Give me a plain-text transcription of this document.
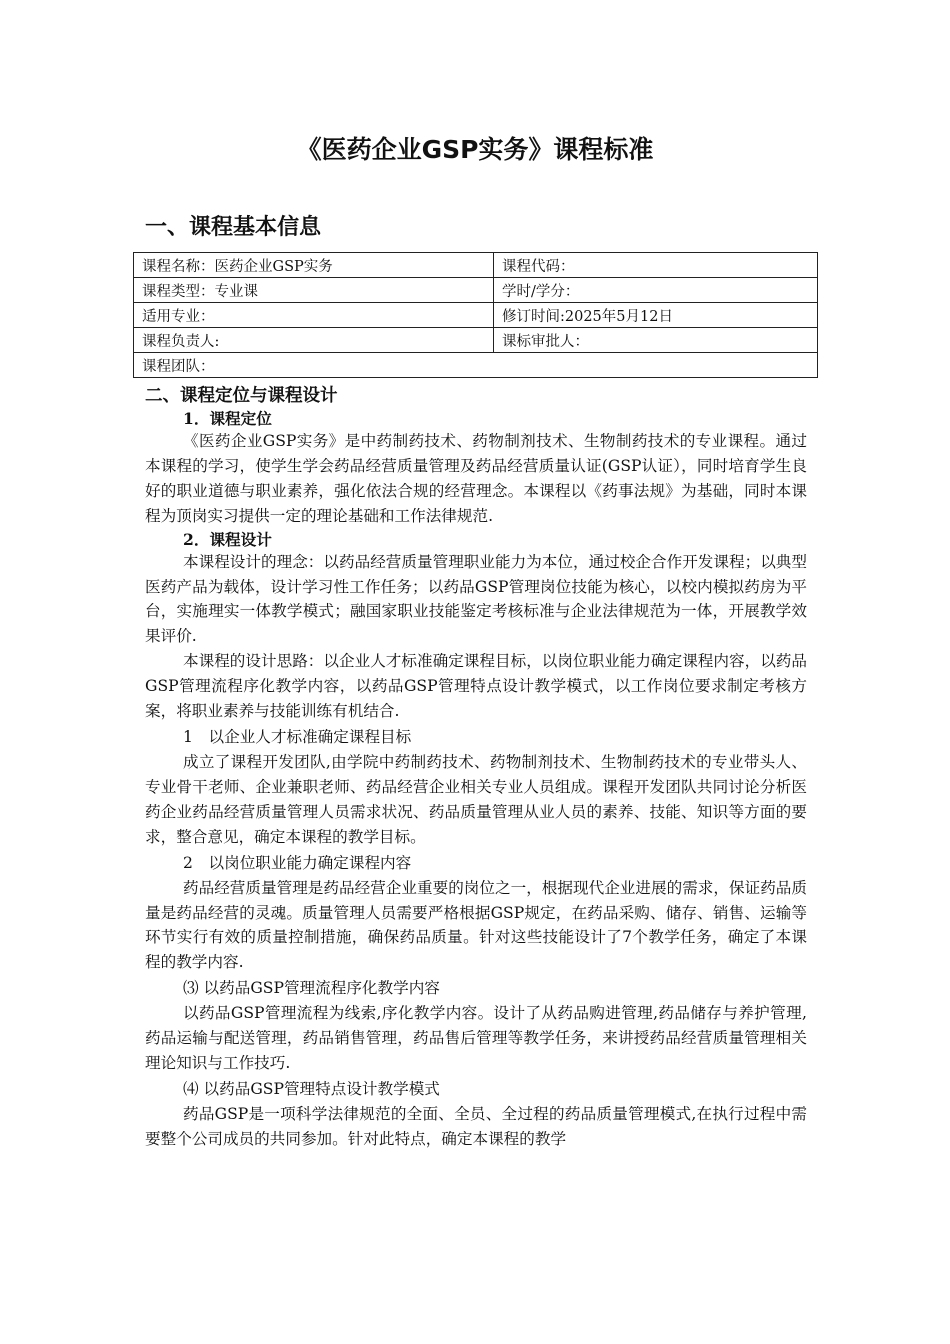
《医药企业GSP实务》课程标准
一、课程基本信息
课程名称：医药企业GSP实务	课程代码：
课程类型：专业课	学时/学分：
适用专业：	修订时间:2025年5月12日
课程负责人:	课标审批人：
课程团队：	
二、课程定位与课程设计
1．课程定位

《医药企业GSP实务》是中药制药技术、药物制剂技术、生物制药技术的专业课程。通过本课程的学习，使学生学会药品经营质量管理及药品经营质量认证(GSP认证），同时培育学生良好的职业道德与职业素养，强化依法合规的经营理念。本课程以《药事法规》为基础，同时本课程为顶岗实习提供一定的理论基础和工作法律规范.

2．课程设计

本课程设计的理念：以药品经营质量管理职业能力为本位，通过校企合作开发课程；以典型医药产品为载体，设计学习性工作任务；以药品GSP管理岗位技能为核心，以校内模拟药房为平台，实施理实一体教学模式；融国家职业技能鉴定考核标准与企业法律规范为一体，开展教学效果评价.

本课程的设计思路：以企业人才标准确定课程目标，以岗位职业能力确定课程内容，以药品GSP管理流程序化教学内容，以药品GSP管理特点设计教学模式，以工作岗位要求制定考核方案，将职业素养与技能训练有机结合.

1　以企业人才标准确定课程目标

成立了课程开发团队,由学院中药制药技术、药物制剂技术、生物制药技术的专业带头人、专业骨干老师、企业兼职老师、药品经营企业相关专业人员组成。课程开发团队共同讨论分析医药企业药品经营质量管理人员需求状况、药品质量管理从业人员的素养、技能、知识等方面的要求，整合意见，确定本课程的教学目标。

2　以岗位职业能力确定课程内容

药品经营质量管理是药品经营企业重要的岗位之一，根据现代企业进展的需求，保证药品质量是药品经营的灵魂。质量管理人员需要严格根据GSP规定，在药品采购、储存、销售、运输等环节实行有效的质量控制措施，确保药品质量。针对这些技能设计了7个教学任务，确定了本课程的教学内容.

⑶ 以药品GSP管理流程序化教学内容

以药品GSP管理流程为线索,序化教学内容。设计了从药品购进管理,药品储存与养护管理,药品运输与配送管理，药品销售管理，药品售后管理等教学任务，来讲授药品经营质量管理相关理论知识与工作技巧.

⑷ 以药品GSP管理特点设计教学模式

药品GSP是一项科学法律规范的全面、全员、全过程的药品质量管理模式,在执行过程中需要整个公司成员的共同参加。针对此特点，确定本课程的教学
